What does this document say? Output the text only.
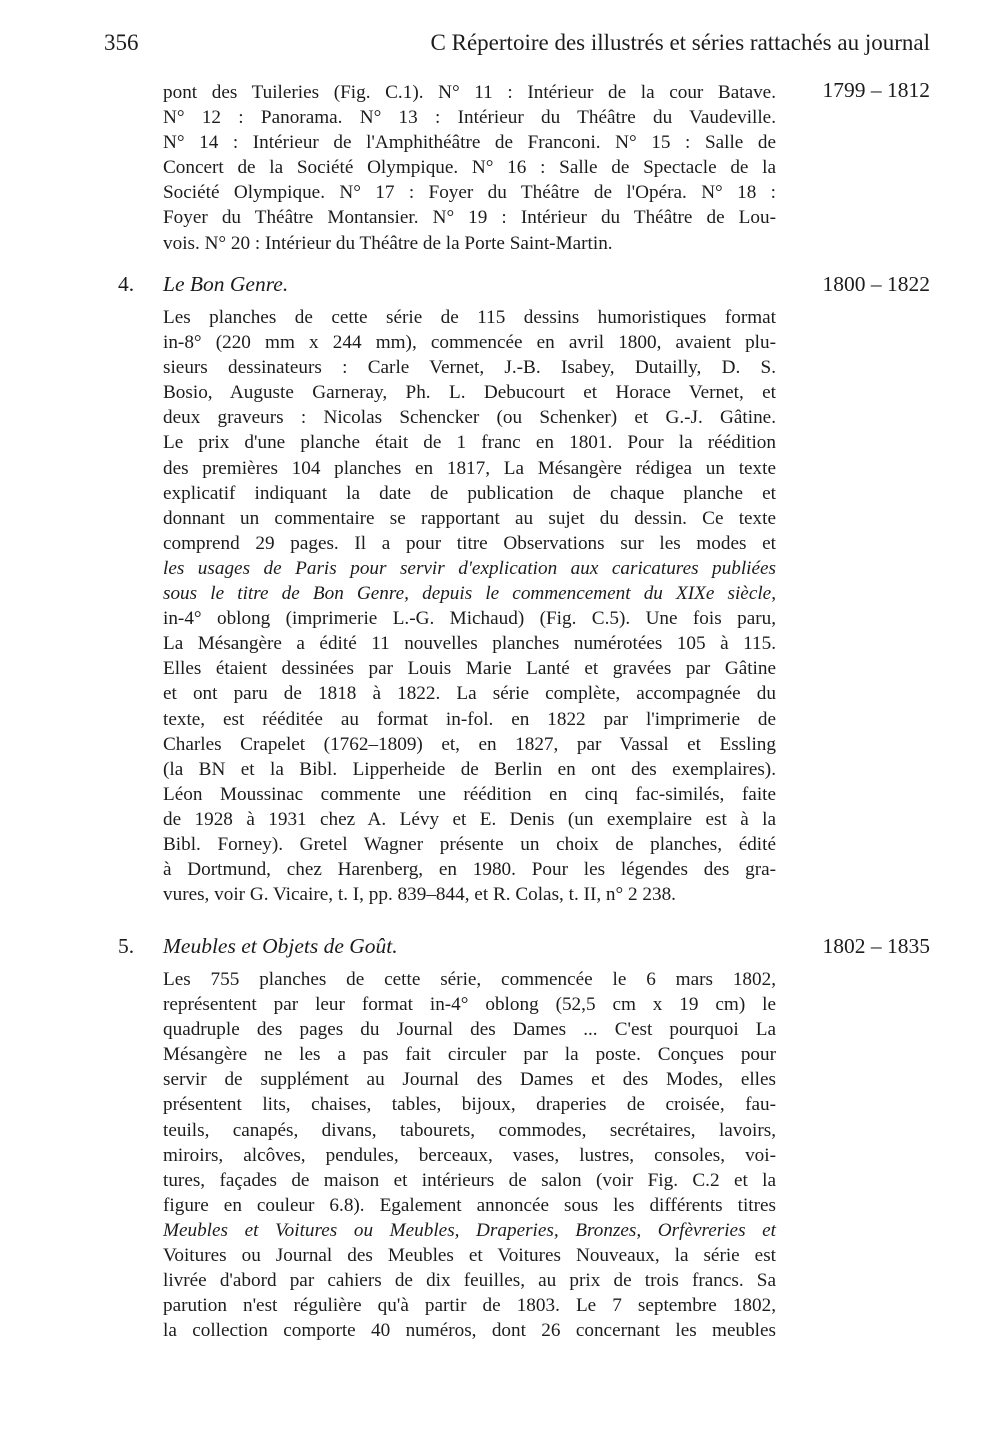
356	C Répertoire des illustrés et séries rattachés au journal
1799 – 1812
pont des Tuileries (Fig. C.1). N° 11 : Intérieur de la cour Batave.
N° 12 : Panorama. N° 13 : Intérieur du Théâtre du Vaudeville.
N° 14 : Intérieur de l'Amphithéâtre de Franconi. N° 15 : Salle de
Concert de la Société Olympique. N° 16 : Salle de Spectacle de la
Société Olympique. N° 17 : Foyer du Théâtre de l'Opéra. N° 18 :
Foyer du Théâtre Montansier. N° 19 : Intérieur du Théâtre de Lou-
vois. N° 20 : Intérieur du Théâtre de la Porte Saint-Martin.
4. Le Bon Genre.	1800 – 1822
Les planches de cette série de 115 dessins humoristiques format
in-8° (220 mm x 244 mm), commencée en avril 1800, avaient plu-
sieurs dessinateurs : Carle Vernet, J.-B. Isabey, Dutailly, D. S.
Bosio, Auguste Garneray, Ph. L. Debucourt et Horace Vernet, et
deux graveurs : Nicolas Schencker (ou Schenker) et G.-J. Gâtine.
Le prix d'une planche était de 1 franc en 1801. Pour la réédition
des premières 104 planches en 1817, La Mésangère rédigea un texte
explicatif indiquant la date de publication de chaque planche et
donnant un commentaire se rapportant au sujet du dessin. Ce texte
comprend 29 pages. Il a pour titre Observations sur les modes et
les usages de Paris pour servir d'explication aux caricatures publiées
sous le titre de Bon Genre, depuis le commencement du XIXe siècle,
in-4° oblong (imprimerie L.-G. Michaud) (Fig. C.5). Une fois paru,
La Mésangère a édité 11 nouvelles planches numérotées 105 à 115.
Elles étaient dessinées par Louis Marie Lanté et gravées par Gâtine
et ont paru de 1818 à 1822. La série complète, accompagnée du
texte, est rééditée au format in-fol. en 1822 par l'imprimerie de
Charles Crapelet (1762–1809) et, en 1827, par Vassal et Essling
(la BN et la Bibl. Lipperheide de Berlin en ont des exemplaires).
Léon Moussinac commente une réédition en cinq fac-similés, faite
de 1928 à 1931 chez A. Lévy et E. Denis (un exemplaire est à la
Bibl. Forney). Gretel Wagner présente un choix de planches, édité
à Dortmund, chez Harenberg, en 1980. Pour les légendes des gra-
vures, voir G. Vicaire, t. I, pp. 839–844, et R. Colas, t. II, n° 2 238.
5. Meubles et Objets de Goût.	1802 – 1835
Les 755 planches de cette série, commencée le 6 mars 1802,
représentent par leur format in-4° oblong (52,5 cm x 19 cm) le
quadruple des pages du Journal des Dames ... C'est pourquoi La
Mésangère ne les a pas fait circuler par la poste. Conçues pour
servir de supplément au Journal des Dames et des Modes, elles
présentent lits, chaises, tables, bijoux, draperies de croisée, fau-
teuils, canapés, divans, tabourets, commodes, secrétaires, lavoirs,
miroirs, alcôves, pendules, berceaux, vases, lustres, consoles, voi-
tures, façades de maison et intérieurs de salon (voir Fig. C.2 et la
figure en couleur 6.8). Egalement annoncée sous les différents titres
Meubles et Voitures ou Meubles, Draperies, Bronzes, Orfèvreries et
Voitures ou Journal des Meubles et Voitures Nouveaux, la série est
livrée d'abord par cahiers de dix feuilles, au prix de trois francs. Sa
parution n'est régulière qu'à partir de 1803. Le 7 septembre 1802,
la collection comporte 40 numéros, dont 26 concernant les meubles
